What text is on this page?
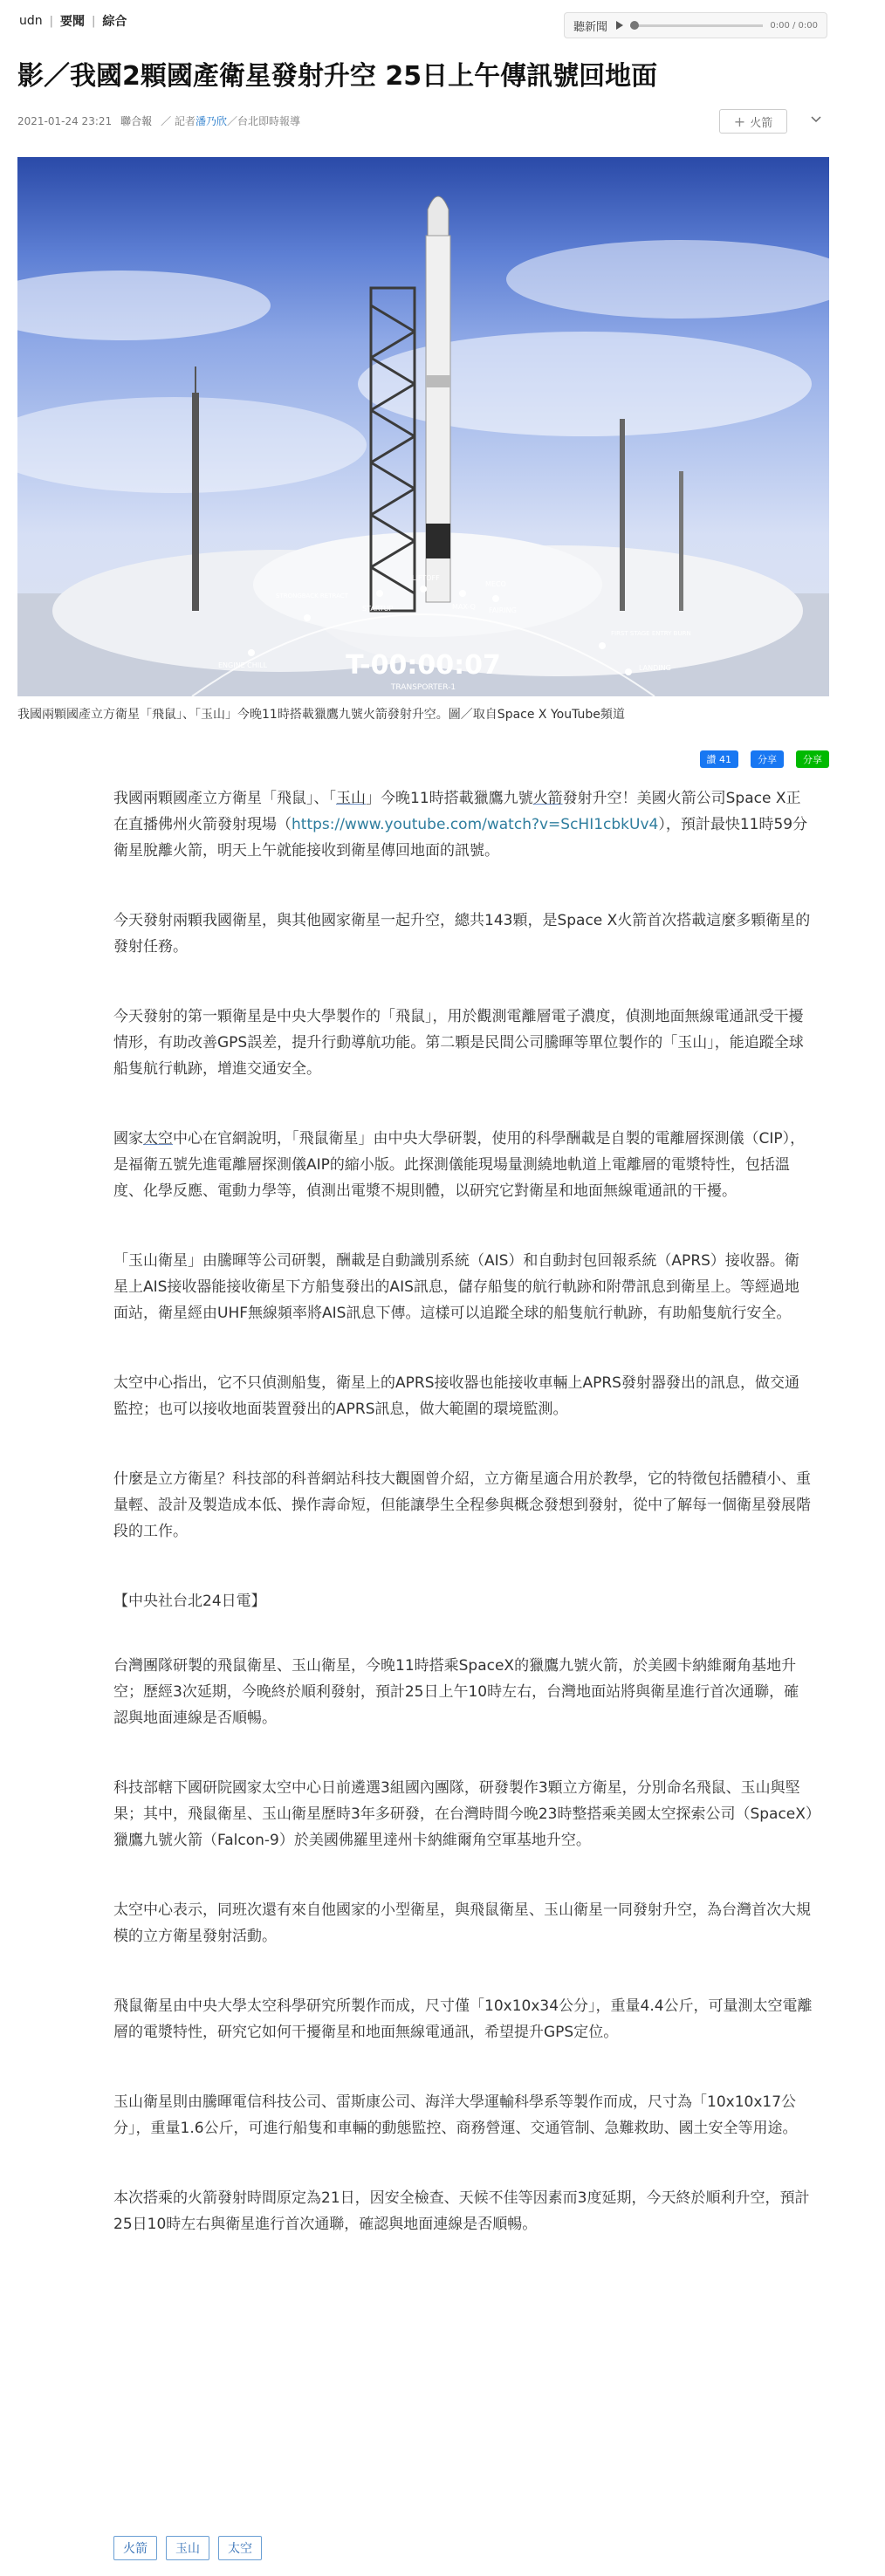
udn | 要聞 | 綜合	聽新聞	0:00 / 0:00
影／我國2顆國產衛星發射升空 25日上午傳訊號回地面
2021-01-24 23:21 聯合報 ／ 記者 潘乃欣 ／台北即時報導	+ 火箭
ENGINE CHILL
STRONGBACK RETRACT
STARTUP
LIFTOFF
MAX-Q
MECO
FAIRING
FIRST STAGE ENTRY BURN
LANDING
T-00:00:07
TRANSPORTER-1
我國兩顆國產立方衛星「飛鼠」、「玉山」今晚11時搭載獵鷹九號火箭發射升空。圖／取自Space X YouTube頻道
讚 41	分享	分享

我國兩顆國產立方衛星「飛鼠」、「玉山」今晚11時搭載獵鷹九號火箭發射升空！美國火箭公司Space X正在直播佛州火箭發射現場（https://www.youtube.com/watch?v=ScHI1cbkUv4），預計最快11時59分衛星脫離火箭，明天上午就能接收到衛星傳回地面的訊號。

今天發射兩顆我國衛星，與其他國家衛星一起升空，總共143顆，是Space X火箭首次搭載這麼多顆衛星的發射任務。

今天發射的第一顆衛星是中央大學製作的「飛鼠」，用於觀測電離層電子濃度，偵測地面無線電通訊受干擾情形，有助改善GPS誤差，提升行動導航功能。第二顆是民間公司騰暉等單位製作的「玉山」，能追蹤全球船隻航行軌跡，增進交通安全。

國家太空中心在官網說明，「飛鼠衛星」由中央大學研製，使用的科學酬載是自製的電離層探測儀（CIP），是福衛五號先進電離層探測儀AIP的縮小版。此探測儀能現場量測繞地軌道上電離層的電漿特性，包括溫度、化學反應、電動力學等，偵測出電漿不規則體，以研究它對衛星和地面無線電通訊的干擾。

「玉山衛星」由騰暉等公司研製，酬載是自動識別系統（AIS）和自動封包回報系統（APRS）接收器。衛星上AIS接收器能接收衛星下方船隻發出的AIS訊息，儲存船隻的航行軌跡和附帶訊息到衛星上。等經過地面站，衛星經由UHF無線頻率將AIS訊息下傳。這樣可以追蹤全球的船隻航行軌跡，有助船隻航行安全。

太空中心指出，它不只偵測船隻，衛星上的APRS接收器也能接收車輛上APRS發射器發出的訊息，做交通監控；也可以接收地面裝置發出的APRS訊息，做大範圍的環境監測。

什麼是立方衛星？科技部的科普網站科技大觀園曾介紹，立方衛星適合用於教學，它的特徵包括體積小、重量輕、設計及製造成本低、操作壽命短，但能讓學生全程參與概念發想到發射，從中了解每一個衛星發展階段的工作。

【中央社台北24日電】

台灣團隊研製的飛鼠衛星、玉山衛星，今晚11時搭乘SpaceX的獵鷹九號火箭，於美國卡納維爾角基地升空；歷經3次延期，今晚終於順利發射，預計25日上午10時左右，台灣地面站將與衛星進行首次通聯，確認與地面連線是否順暢。

科技部轄下國研院國家太空中心日前遴選3組國內團隊，研發製作3顆立方衛星，分別命名飛鼠、玉山與堅果；其中，飛鼠衛星、玉山衛星歷時3年多研發，在台灣時間今晚23時整搭乘美國太空探索公司（SpaceX）獵鷹九號火箭（Falcon-9）於美國佛羅里達州卡納維爾角空軍基地升空。

太空中心表示，同班次還有來自他國家的小型衛星，與飛鼠衛星、玉山衛星一同發射升空，為台灣首次大規模的立方衛星發射活動。

飛鼠衛星由中央大學太空科學研究所製作而成，尺寸僅「10x10x34公分」，重量4.4公斤，可量測太空電離層的電漿特性，研究它如何干擾衛星和地面無線電通訊，希望提升GPS定位。

玉山衛星則由騰暉電信科技公司、雷斯康公司、海洋大學運輸科學系等製作而成，尺寸為「10x10x17公分」，重量1.6公斤，可進行船隻和車輛的動態監控、商務營運、交通管制、急難救助、國土安全等用途。

本次搭乘的火箭發射時間原定為21日，因安全檢查、天候不佳等因素而3度延期，今天終於順利升空，預計25日10時左右與衛星進行首次通聯，確認與地面連線是否順暢。

火箭	玉山	太空
